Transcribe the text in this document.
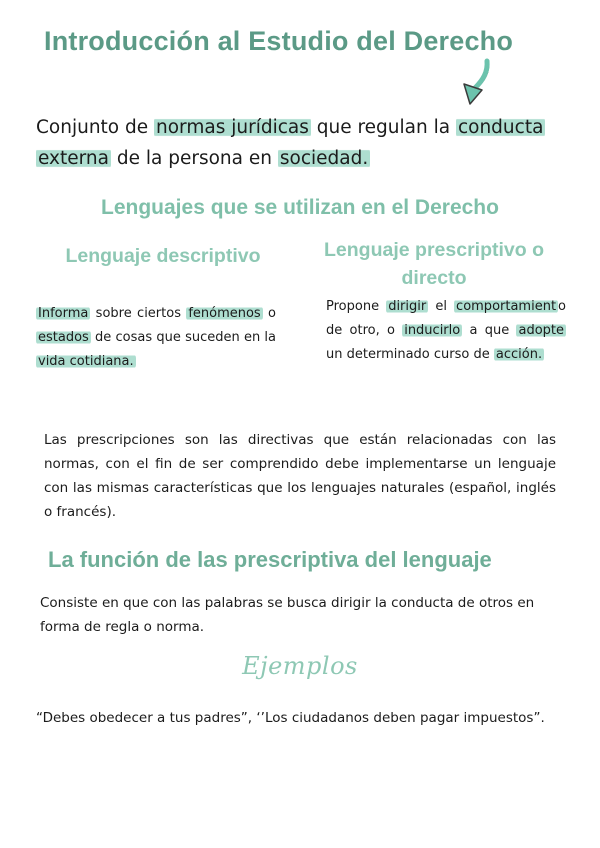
Introducción al Estudio del Derecho
Conjunto de normas jurídicas que regulan la conducta externa de la persona en sociedad.
Lenguajes que se utilizan en el Derecho
Lenguaje descriptivo	Lenguaje prescriptivo o directo
Informa sobre ciertos fenómenos o estados de cosas que suceden en la vida cotidiana.
Propone dirigir el comportamient o de otro, o inducirlo a que adopte un determinado curso de acción.
Las prescripciones son las directivas que están relacionadas con las normas, con el fin de ser comprendido debe implementarse un lenguaje con las mismas características que los lenguajes naturales (español, inglés o francés).
La función de las prescriptiva del lenguaje
Consiste en que con las palabras se busca dirigir la conducta de otros en forma de regla o norma.
Ejemplos
“Debes obedecer a tus padres”, ‘’Los ciudadanos deben pagar impuestos”.
